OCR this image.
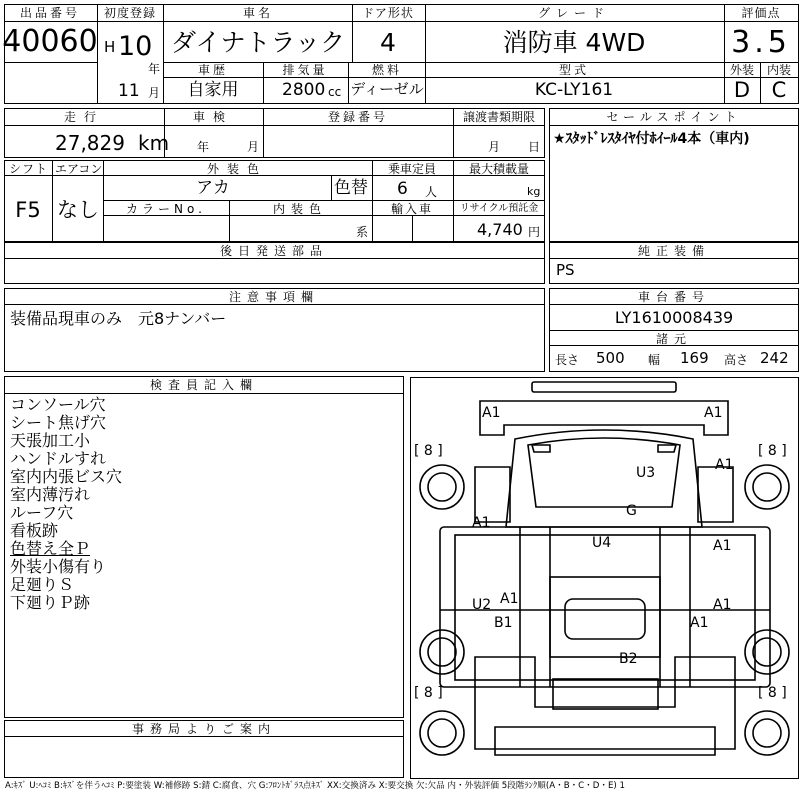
出品番号
40060
初度登録
H 10
年
11 月
車名
ダイナトラック
ドア形状
4
グレード
消防車 4WD
評価点
3.5
車歴
自家用
排気量
2800 cc
燃料
ディーゼル
型式
KC-LY161
外装 内装
D C
走行
27,829 km
車検
年	月
登録番号	譲渡書類期限
月 日
セールスポイント
★ｽﾀｯﾄﾞﾚｽﾀｲﾔ付ﾎｲｰﾙ4本（車内)
シフト
F5
エアコン
なし
外装色
アカ	色替
乗車定員
6 人
最大積載量
kg
カラーNo.	内装色
系
輸入車	リサイクル預託金
4,740 円
後日発送部品	純正装備
PS
注意事項欄
装備品現車のみ　元8ナンバー
車台番号
LY1610008439
諸元
長さ 500 幅 169 高さ 242
検査員記入欄
コンソール穴
シート焦げ穴
天張加工小
ハンドルすれ
室内内張ビス穴
室内薄汚れ
ルーフ穴
看板跡
色替え全Ｐ
外装小傷有り
足廻りＳ
下廻りＰ跡
事務局よりご案内
A1	A1
U3	A1
G
A1
A1
U4
A1
U2 A1
B1	A1
B2
[ 8 ]	[ 8 ]
[ 8 ]	[ 8 ]
A:ｷｽﾞ U:ﾍｺﾐ B:ｷｽﾞを伴うﾍｺﾐ P:要塗装 W:補修跡 S:錆 C:腐食、穴 G:ﾌﾛﾝﾄｶﾞﾗｽ点ｷｽﾞ XX:交換済み X:要交換 欠:欠品 内・外装評価 5段階ﾗﾝｸ順(A・B・C・D・E) 1
